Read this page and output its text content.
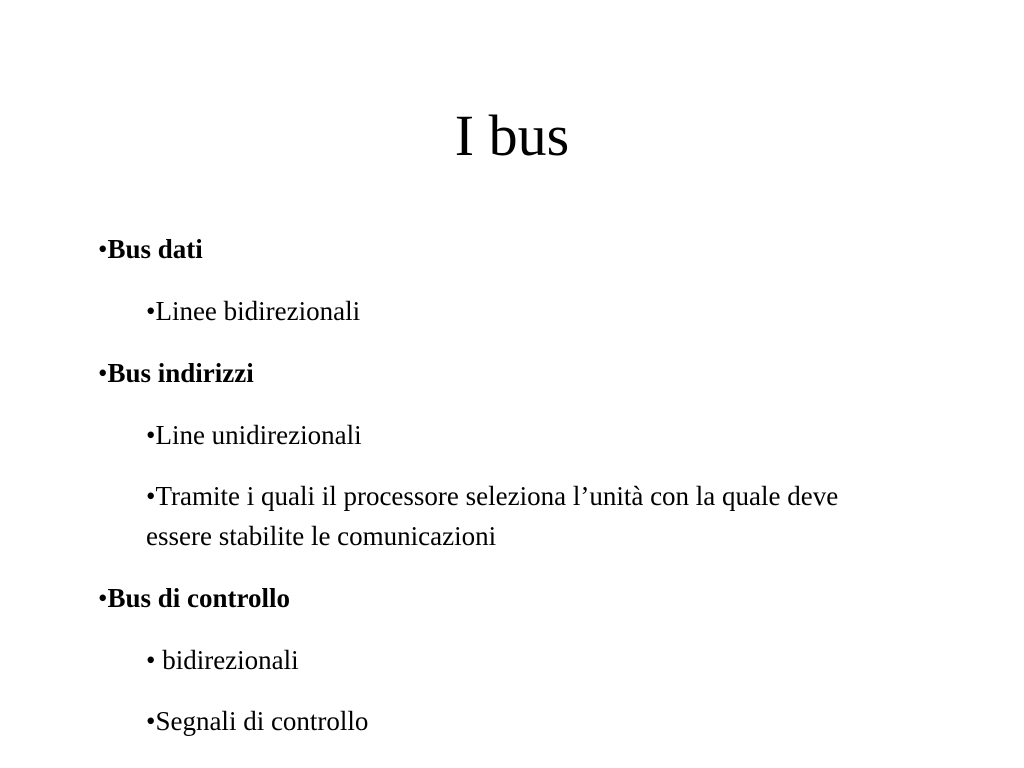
I bus
•Bus dati
•Linee bidirezionali
•Bus indirizzi
•Line unidirezionali
•Tramite i quali il processore seleziona l’unità con la quale deve essere stabilite le comunicazioni
•Bus di controllo
• bidirezionali
•Segnali di controllo
